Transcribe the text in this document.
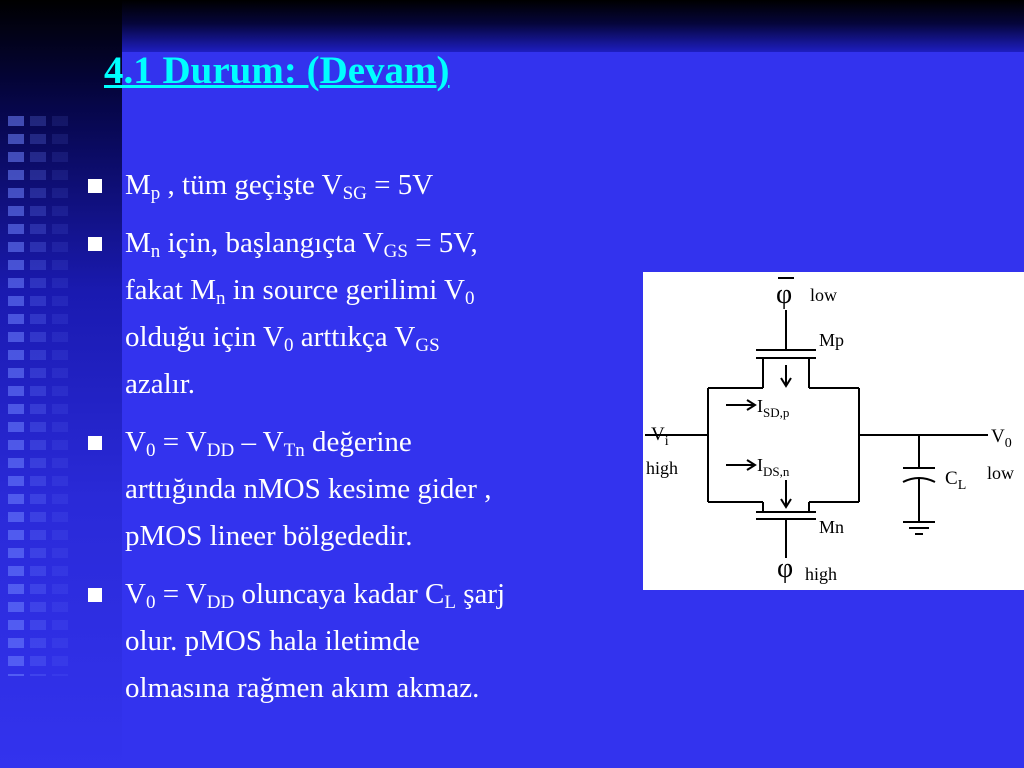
4.1 Durum: (Devam)
$M_p$ , tüm geçişte $V_{SG} = 5V$
$M_n$ için, başlangıçta $V_{GS} = 5V$,
fakat $M_n$ in source gerilimi $V_0$
olduğu için $V_0$ arttıkça $V_{GS}$
azalır.
$V_0 = V_{DD} - V_{Tn}$ değerine
arttığında nMOS kesime gider ,
pMOS lineer bölgededir.
$V_0 = V_{DD}$ oluncaya kadar $C_L$ şarj
olur. pMOS hala iletimde
olmasına rağmen akım akmaz.
φ low
Mp
$I_{SD,p}$
$I_{DS,n}$
$V_i$
high
$V_0$
low
$C_L$
Mn
φ high
